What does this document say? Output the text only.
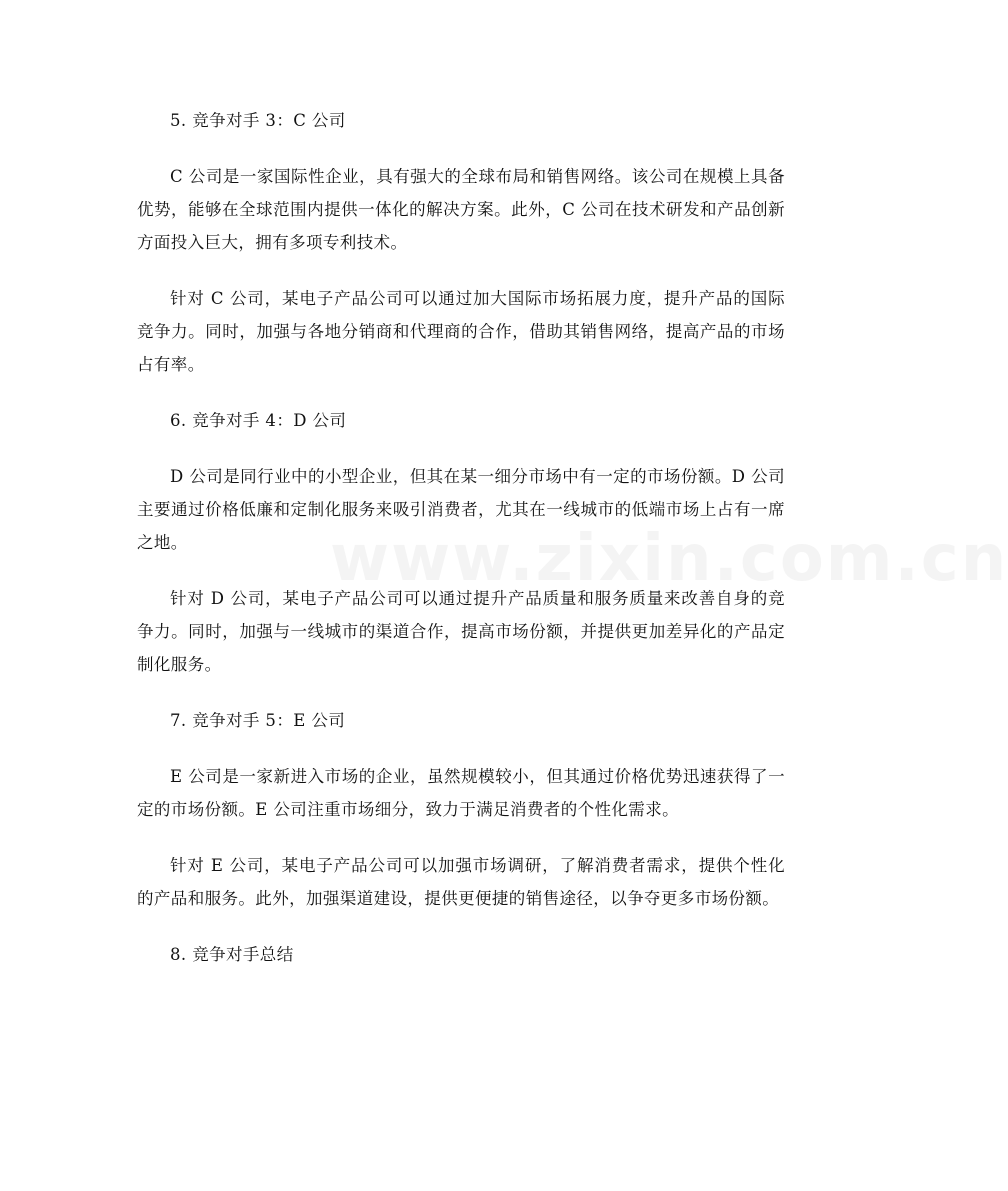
www.zixin.com.cn

5. 竞争对手 3：C 公司

C 公司是一家国际性企业，具有强大的全球布局和销售网络。该公司在规模上具备优势，能够在全球范围内提供一体化的解决方案。此外，C 公司在技术研发和产品创新方面投入巨大，拥有多项专利技术。

针对 C 公司，某电子产品公司可以通过加大国际市场拓展力度，提升产品的国际竞争力。同时，加强与各地分销商和代理商的合作，借助其销售网络，提高产品的市场占有率。

6. 竞争对手 4：D 公司

D 公司是同行业中的小型企业，但其在某一细分市场中有一定的市场份额。D 公司主要通过价格低廉和定制化服务来吸引消费者，尤其在一线城市的低端市场上占有一席之地。

针对 D 公司，某电子产品公司可以通过提升产品质量和服务质量来改善自身的竞争力。同时，加强与一线城市的渠道合作，提高市场份额，并提供更加差异化的产品定制化服务。

7. 竞争对手 5：E 公司

E 公司是一家新进入市场的企业，虽然规模较小，但其通过价格优势迅速获得了一定的市场份额。E 公司注重市场细分，致力于满足消费者的个性化需求。

针对 E 公司，某电子产品公司可以加强市场调研，了解消费者需求，提供个性化的产品和服务。此外，加强渠道建设，提供更便捷的销售途径，以争夺更多市场份额。

8. 竞争对手总结
